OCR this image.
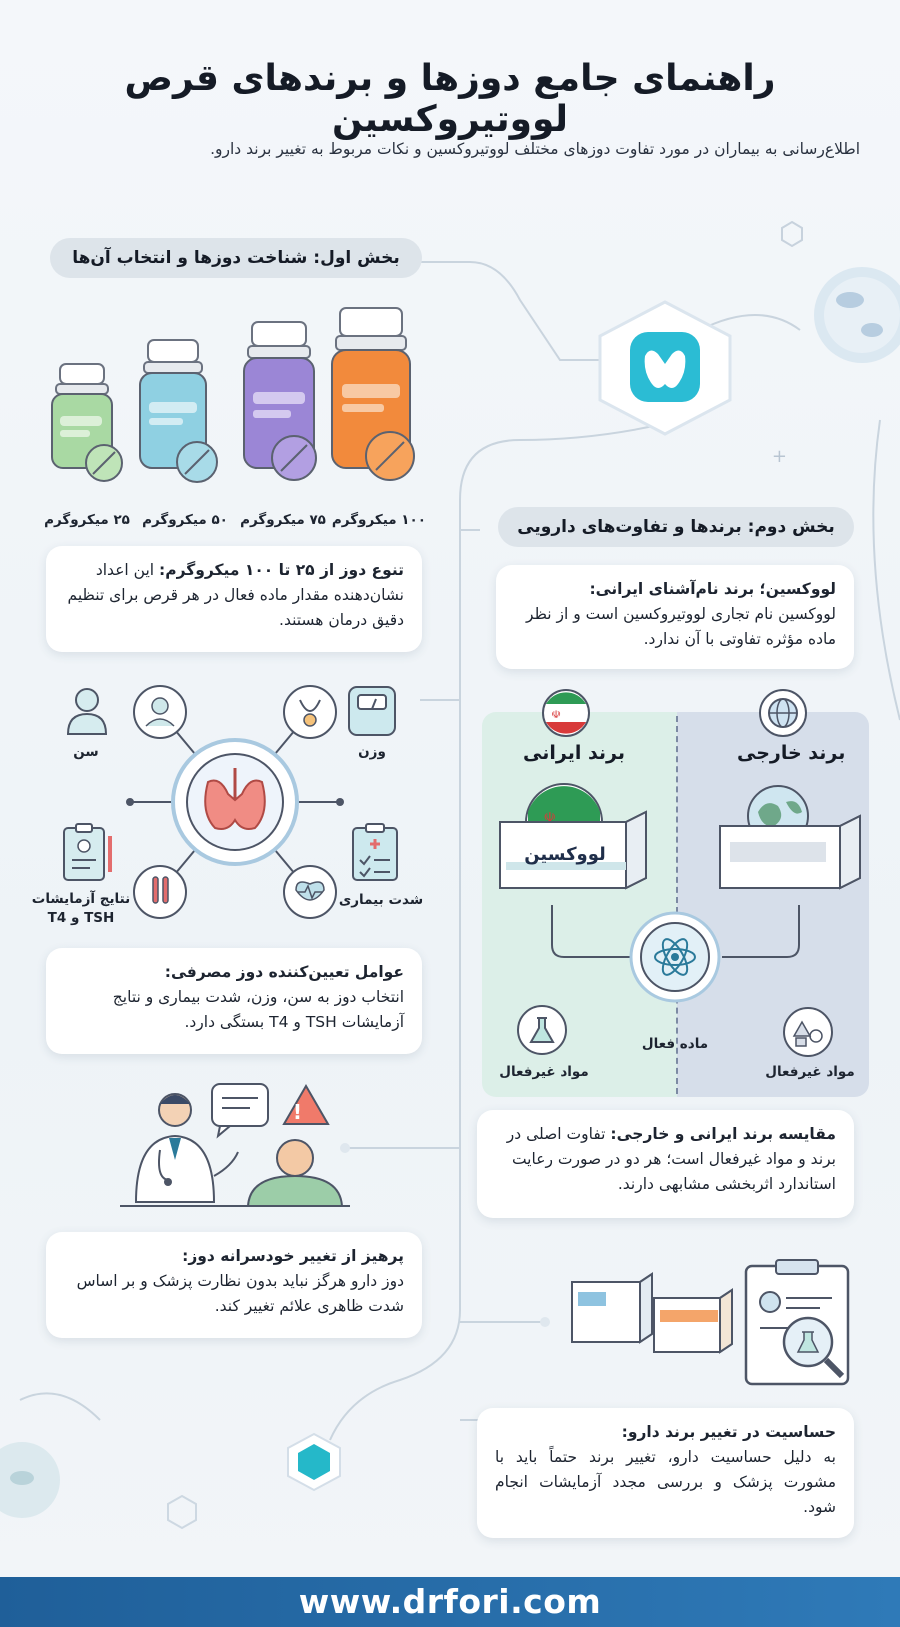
+
راهنمای جامع دوزها و برندهای قرص لووتیروکسین
اطلاع‌رسانی به بیماران در مورد تفاوت دوزهای مختلف لووتیروکسین و نکات مربوط به تغییر برند دارو.
بخش اول: شناخت دوزها و انتخاب آن‌ها
۱۰۰ میکروگرم
۷۵ میکروگرم
۵۰ میکروگرم
۲۵ میکروگرم
تنوع دوز از ۲۵ تا ۱۰۰ میکروگرم: این اعداد نشان‌دهنده مقدار ماده فعال در هر قرص برای تنظیم دقیق درمان هستند.
سن	وزن
نتایج آزمایشات
TSH و T4
شدت بیماری
عوامل تعیین‌کننده دوز مصرفی:
انتخاب دوز به سن، وزن، شدت بیماری و نتایج آزمایشات TSH و T4 بستگی دارد.
!
پرهیز از تغییر خودسرانه دوز:
دوز دارو هرگز نباید بدون نظارت پزشک و بر اساس شدت ظاهری علائم تغییر کند.
بخش دوم: برندها و تفاوت‌های دارویی
لووکسین؛ برند نام‌آشنای ایرانی:
لووکسین نام تجاری لووتیروکسین است و از نظر ماده مؤثره تفاوتی با آن ندارد.
☫
برند ایرانی	برند خارجی
☫
لووکسین
ماده فعال
مواد غیرفعال	مواد غیرفعال
مقایسه برند ایرانی و خارجی: تفاوت اصلی در برند و مواد غیرفعال است؛ هر دو در صورت رعایت استاندارد اثربخشی مشابهی دارند.
حساسیت در تغییر برند دارو:
به دلیل حساسیت دارو، تغییر برند حتماً باید با مشورت پزشک و بررسی مجدد آزمایشات انجام شود.
www.drfori.com
